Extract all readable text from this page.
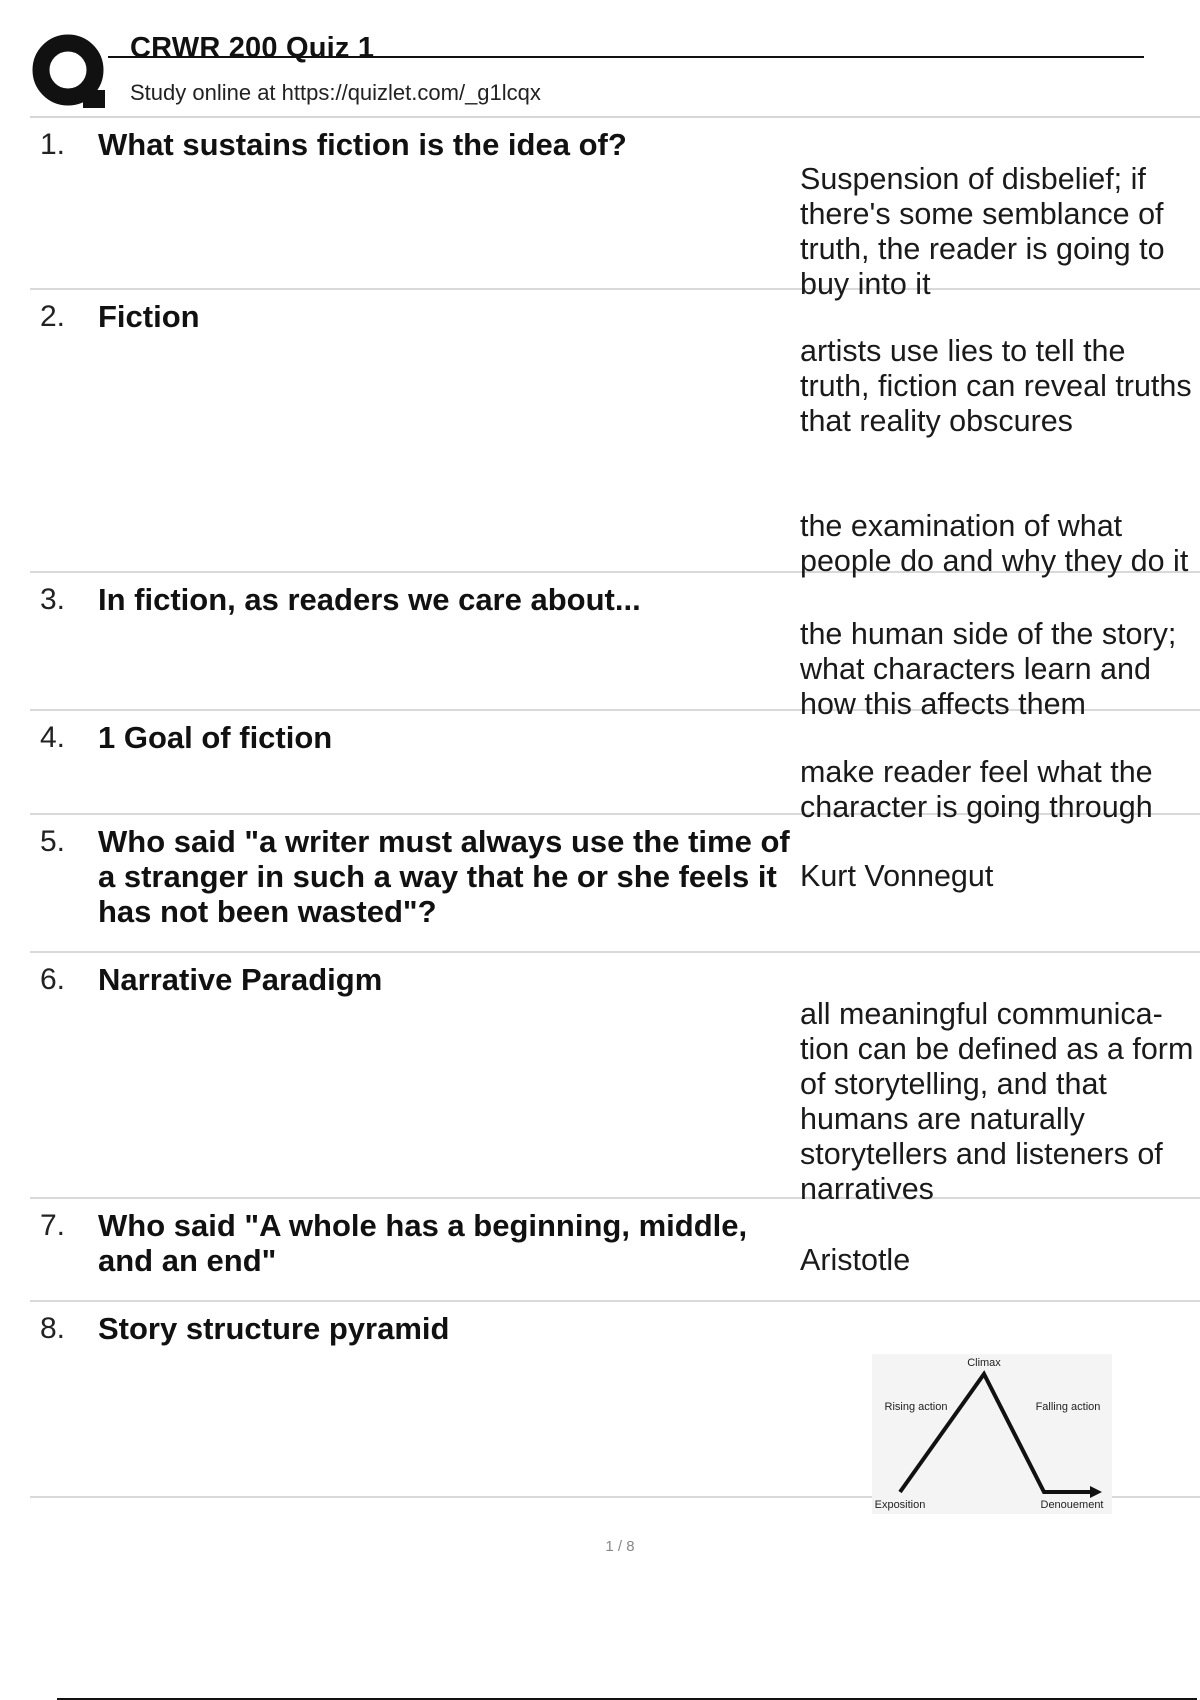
CRWR 200 Quiz 1
Study online at https://quizlet.com/_g1lcqx
1.	What sustains fiction is the idea of?

Suspension of disbelief; if there's some semblance of truth, the reader is going to buy into it

2.	Fiction

artists use lies to tell the truth, fiction can reveal truths that reality obscures

the examination of what people do and why they do it

3.	In fiction, as readers we care about...

the human side of the story; what characters learn and how this affects them

4.	1 Goal of fiction

make reader feel what the character is going through

5.	Who said "a writer must always use the time of a stranger in such a way that he or she feels it has not been wasted"?

Kurt Vonnegut

6.	Narrative Paradigm

all meaningful communica-
tion can be defined as a form of storytelling, and that humans are naturally storytellers and listeners of narratives

7.	Who said "A whole has a beginning, middle, and an end"	Aristotle

8.	Story structure pyramid

Climax
Rising action	Falling action
Exposition	Denouement

1 / 8
